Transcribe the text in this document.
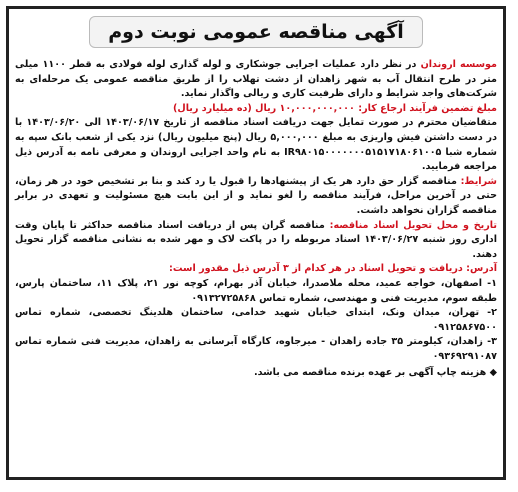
آگهی مناقصه عمومی نوبت دوم

موسسه اروندان در نظر دارد عملیات اجرایی جوشکاری و لوله گذاری لوله فولادی به قطر ۱۱۰۰ میلی متر در طرح انتقال آب به شهر زاهدان از دشت تهلاب را از طریق مناقصه عمومی یک مرحله‌ای به شرکت‌های واجد شرایط و دارای ظرفیت کاری و ریالی واگذار نماید.

مبلغ تضمین فرآیند ارجاع کار: ۱۰,۰۰۰,۰۰۰,۰۰۰ ریال (ده میلیارد ریال)

متقاضیان محترم در صورت تمایل جهت دریافت اسناد مناقصه از تاریخ ۱۴۰۳/۰۶/۱۷ الی ۱۴۰۳/۰۶/۲۰ با در دست داشتن فیش واریزی به مبلغ ۵,۰۰۰,۰۰۰ ریال (پنج میلیون ریال) نزد یکی از شعب بانک سپه به شماره شبا IR۹۸۰۱۵۰۰۰۰۰۰۰۵۱۵۱۷۱۸۰۶۱۰۰۵ به نام واحد اجرایی اروندان و معرفی نامه به آدرس ذیل مراجعه فرمایید.

شرایط: مناقصه گزار حق دارد هر یک از پیشنهادها را قبول یا رد کند و بنا بر تشخیص خود در هر زمان، حتی در آخرین مراحل، فرآیند مناقصه را لغو نماید و از این بابت هیچ مسئولیت و تعهدی در برابر مناقصه گزاران نخواهد داشت.

تاریخ و محل تحویل اسناد مناقصه: مناقصه گران پس از دریافت اسناد مناقصه حداکثر تا پایان وقت اداری روز شنبه ۱۴۰۳/۰۶/۲۷ اسناد مربوطه را در پاکت لاک و مهر شده به نشانی مناقصه گزار تحویل دهند.

آدرس: دریافت و تحویل اسناد در هر کدام از ۳ آدرس ذیل مقدور است:

۱- اصفهان، خواجه عمید، محله ملاصدرا، خیابان آذر بهرام، کوچه نور ۲۱، پلاک ۱۱، ساختمان پارس، طبقه سوم، مدیریت فنی و مهندسی، شماره تماس ۰۹۱۳۲۷۲۵۸۶۸

۲- تهران، میدان ونک، ابتدای خیابان شهید خدامی، ساختمان هلدینگ تخصصی، شماره تماس ۰۹۱۲۵۸۶۷۵۰۰

۳- زاهدان، کیلومتر ۳۵ جاده زاهدان - میرجاوه، کارگاه آبرسانی به زاهدان، مدیریت فنی شماره تماس ۰۹۳۶۹۲۹۱۰۸۷

◆ هزینه چاپ آگهی بر عهده برنده مناقصه می باشد.
